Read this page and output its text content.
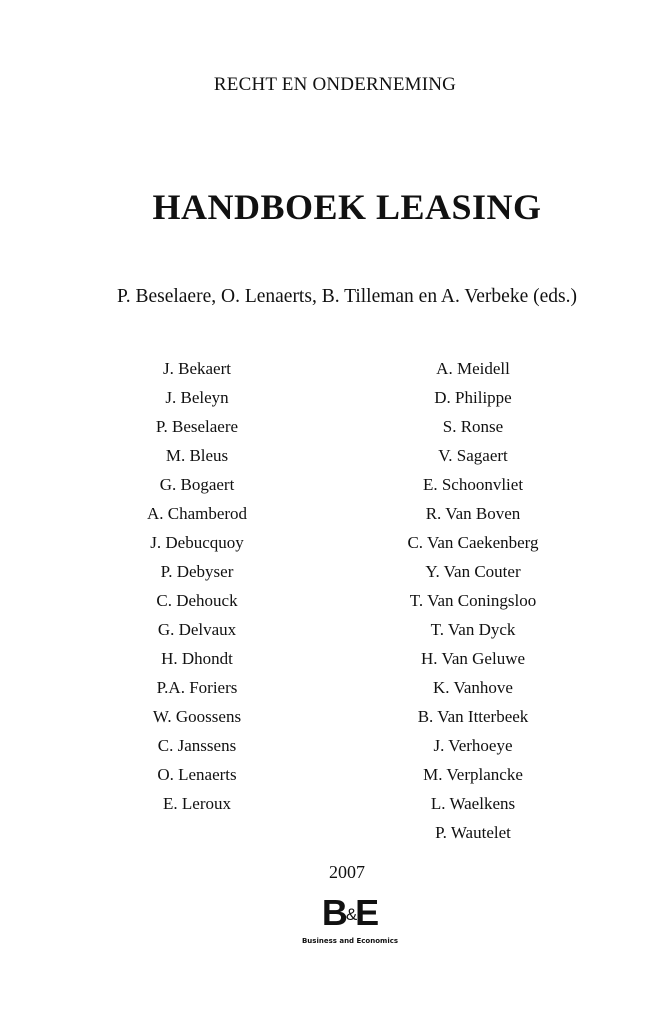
RECHT EN ONDERNEMING
HANDBOEK LEASING
P. Beselaere, O. Lenaerts, B. Tilleman en A. Verbeke (eds.)
J. Bekaert
J. Beleyn
P. Beselaere
M. Bleus
G. Bogaert
A. Chamberod
J. Debucquoy
P. Debyser
C. Dehouck
G. Delvaux
H. Dhondt
P.A. Foriers
W. Goossens
C. Janssens
O. Lenaerts
E. Leroux
A. Meidell
D. Philippe
S. Ronse
V. Sagaert
E. Schoonvliet
R. Van Boven
C. Van Caekenberg
Y. Van Couter
T. Van Coningsloo
T. Van Dyck
H. Van Geluwe
K. Vanhove
B. Van Itterbeek
J. Verhoeye
M. Verplancke
L. Waelkens
P. Wautelet
2007
B&E
Business and Economics
